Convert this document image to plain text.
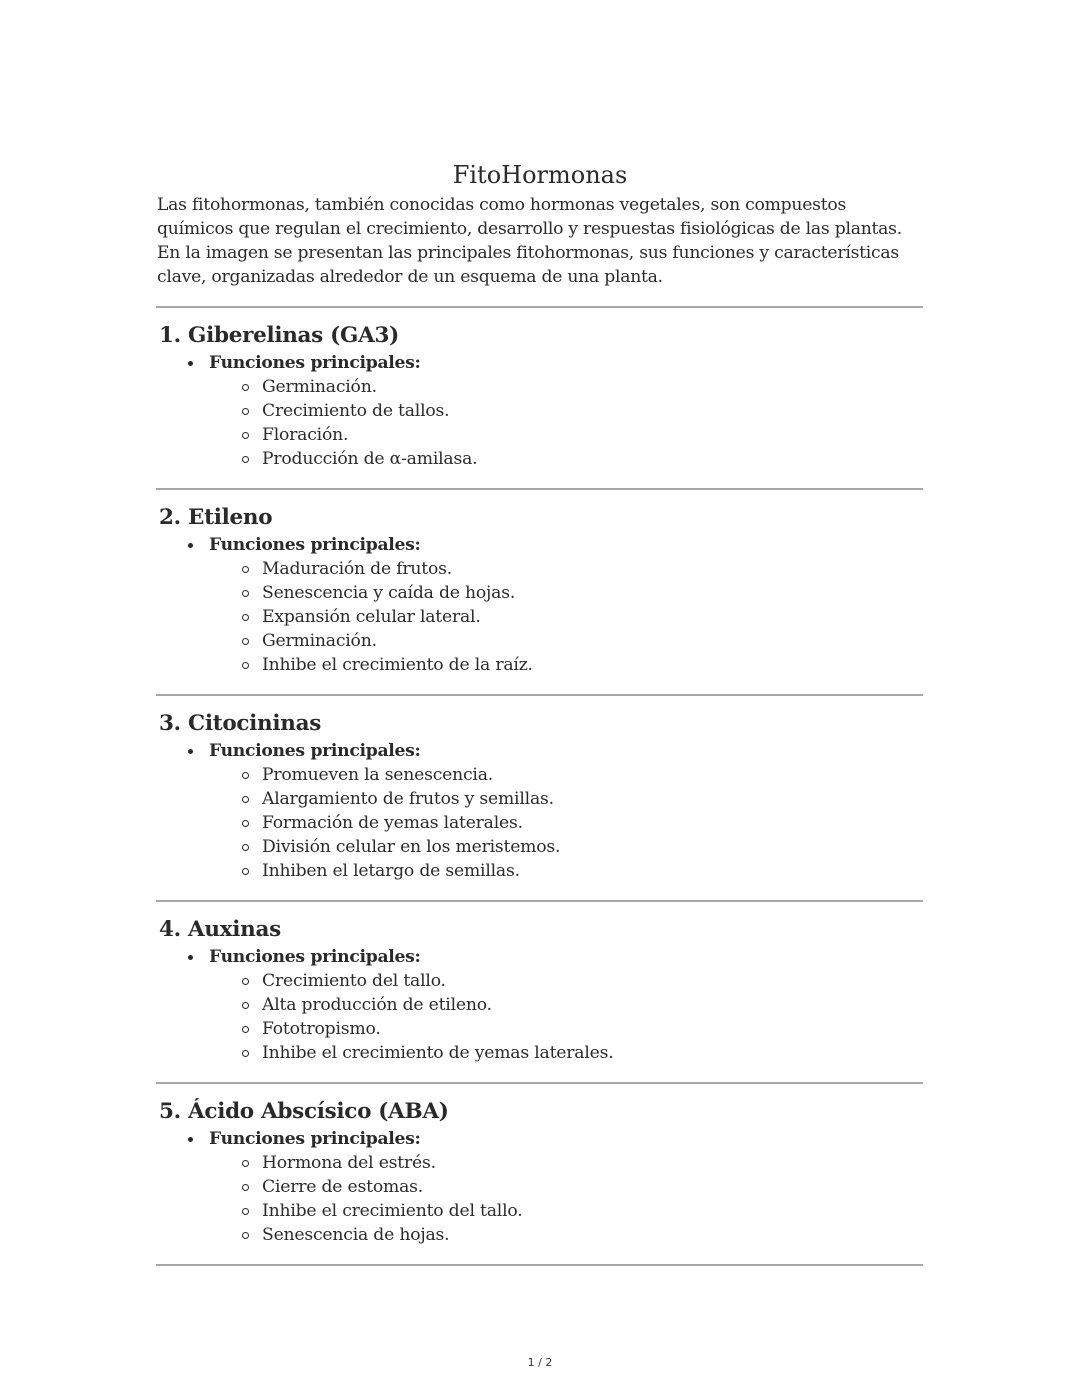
FitoHormonas

Las fitohormonas, también conocidas como hormonas vegetales, son compuestos químicos que regulan el crecimiento, desarrollo y respuestas fisiológicas de las plantas. En la imagen se presentan las principales fitohormonas, sus funciones y características clave, organizadas alrededor de un esquema de una planta.

1. Giberelinas (GA3)
Funciones principales:
Germinación.
Crecimiento de tallos.
Floración.
Producción de α-amilasa.
2. Etileno
Funciones principales:
Maduración de frutos.
Senescencia y caída de hojas.
Expansión celular lateral.
Germinación.
Inhibe el crecimiento de la raíz.
3. Citocininas
Funciones principales:
Promueven la senescencia.
Alargamiento de frutos y semillas.
Formación de yemas laterales.
División celular en los meristemos.
Inhiben el letargo de semillas.
4. Auxinas
Funciones principales:
Crecimiento del tallo.
Alta producción de etileno.
Fototropismo.
Inhibe el crecimiento de yemas laterales.
5. Ácido Abscísico (ABA)
Funciones principales:
Hormona del estrés.
Cierre de estomas.
Inhibe el crecimiento del tallo.
Senescencia de hojas.
1 / 2
